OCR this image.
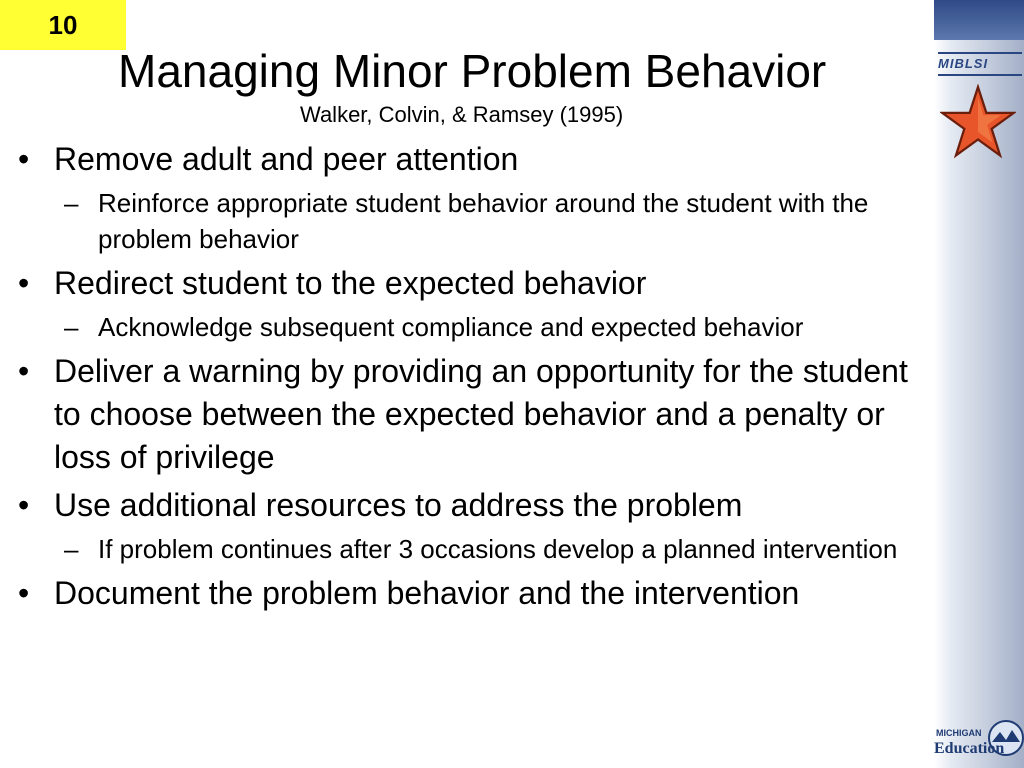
10
Managing Minor Problem Behavior
Walker, Colvin, & Ramsey (1995)
MIBLSI
MICHIGAN
Education
• Remove adult and peer attention
– Reinforce appropriate student behavior around the student with the problem behavior
• Redirect student to the expected behavior
– Acknowledge subsequent compliance and expected behavior
• Deliver a warning by providing an opportunity for the student to choose between the expected behavior and a penalty or loss of privilege
• Use additional resources to address the problem
– If problem continues after 3 occasions develop a planned intervention
• Document the problem behavior and the intervention
